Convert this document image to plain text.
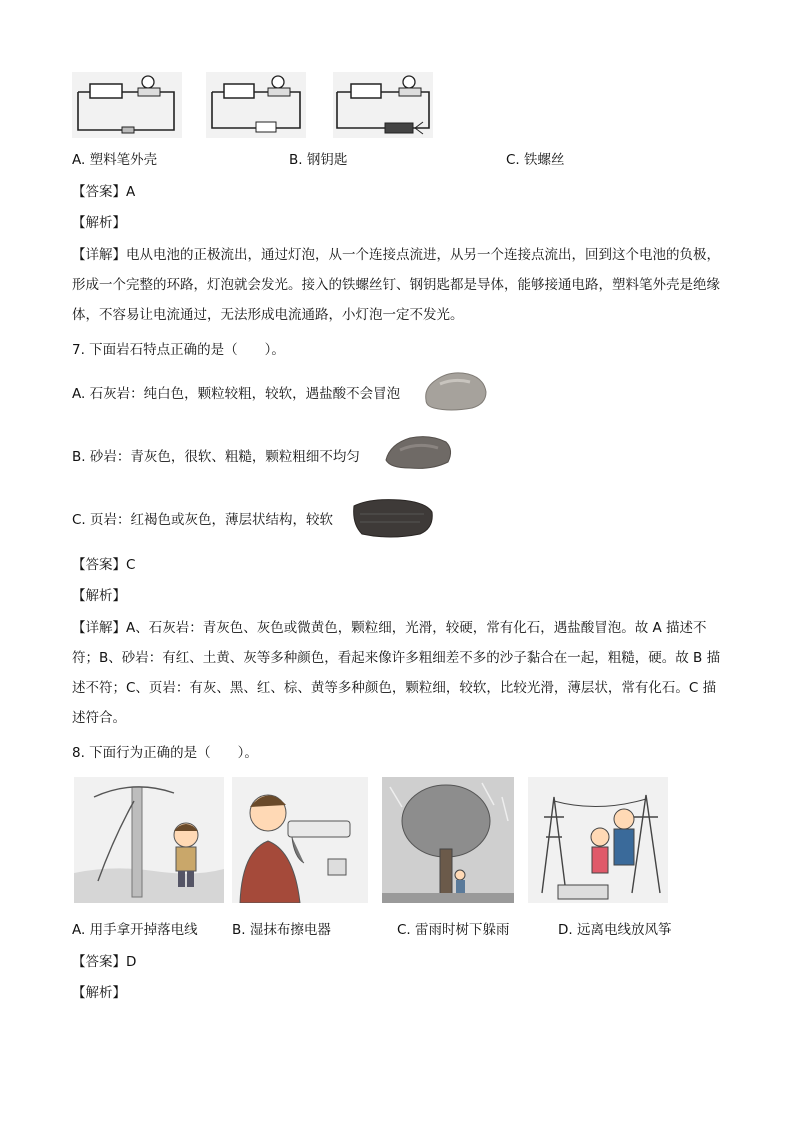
A. 塑料笔外壳	B. 钢钥匙	C. 铁螺丝
【答案】A
【解析】
【详解】电从电池的正极流出，通过灯泡，从一个连接点流进，从另一个连接点流出，回到这个电池的负极，形成一个完整的环路，灯泡就会发光。接入的铁螺丝钉、钢钥匙都是导体，能够接通电路，塑料笔外壳是绝缘体，不容易让电流通过，无法形成电流通路，小灯泡一定不发光。
7. 下面岩石特点正确的是（　　）。
A. 石灰岩：纯白色，颗粒较粗，较软，遇盐酸不会冒泡
B. 砂岩：青灰色，很软、粗糙，颗粒粗细不均匀
C. 页岩：红褐色或灰色，薄层状结构，较软
【答案】C
【解析】
【详解】A、石灰岩：青灰色、灰色或微黄色，颗粒细，光滑，较硬，常有化石，遇盐酸冒泡。故 A 描述不符；B、砂岩：有红、土黄、灰等多种颜色，看起来像许多粗细差不多的沙子黏合在一起，粗糙，硬。故 B 描述不符；C、页岩：有灰、黑、红、棕、黄等多种颜色，颗粒细，较软，比较光滑，薄层状，常有化石。C 描述符合。
8. 下面行为正确的是（　　）。
A. 用手拿开掉落电线	B. 湿抹布擦电器	C. 雷雨时树下躲雨	D. 远离电线放风筝
【答案】D
【解析】
